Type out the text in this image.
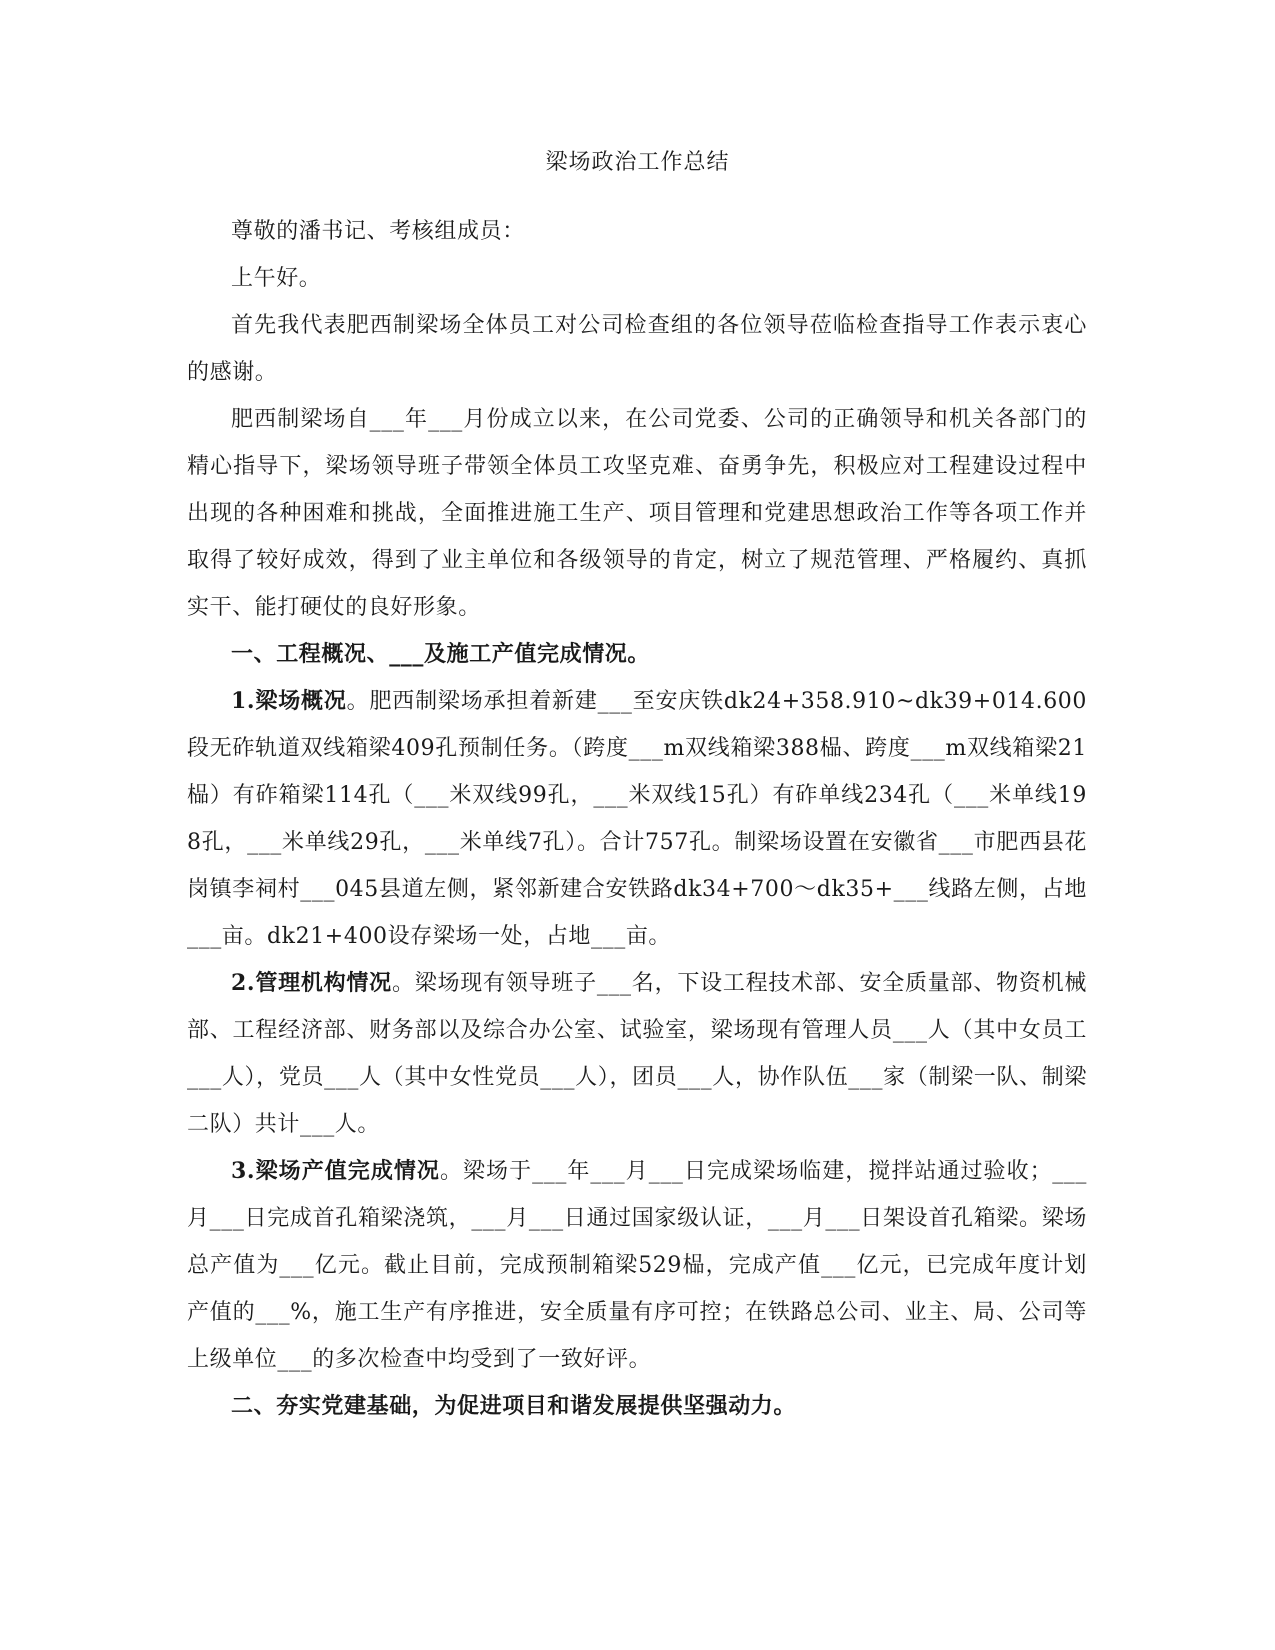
梁场政治工作总结

尊敬的潘书记、考核组成员：

上午好。

首先我代表肥西制梁场全体员工对公司检查组的各位领导莅临检查指导工作表示衷心的感谢。

肥西制梁场自___年___月份成立以来，在公司党委、公司的正确领导和机关各部门的精心指导下，梁场领导班子带领全体员工攻坚克难、奋勇争先，积极应对工程建设过程中出现的各种困难和挑战，全面推进施工生产、项目管理和党建思想政治工作等各项工作并取得了较好成效，得到了业主单位和各级领导的肯定，树立了规范管理、严格履约、真抓实干、能打硬仗的良好形象。

一、工程概况、___及施工产值完成情况。

1.梁场概况。肥西制梁场承担着新建___至安庆铁dk24+358.910~dk39+014.600段无砟轨道双线箱梁409孔预制任务。（跨度___m双线箱梁388榀、跨度___m双线箱梁21榀）有砟箱梁114孔（___米双线99孔，___米双线15孔）有砟单线234孔（___米单线198孔，___米单线29孔，___米单线7孔）。合计757孔。制梁场设置在安徽省___市肥西县花岗镇李祠村___045县道左侧，紧邻新建合安铁路dk34+700～dk35+___线路左侧，占地___亩。dk21+400设存梁场一处，占地___亩。

2.管理机构情况。梁场现有领导班子___名，下设工程技术部、安全质量部、物资机械部、工程经济部、财务部以及综合办公室、试验室，梁场现有管理人员___人（其中女员工___人），党员___人（其中女性党员___人），团员___人，协作队伍___家（制梁一队、制梁二队）共计___人。

3.梁场产值完成情况。梁场于___年___月___日完成梁场临建，搅拌站通过验收；___月___日完成首孔箱梁浇筑，___月___日通过国家级认证，___月___日架设首孔箱梁。梁场总产值为___亿元。截止目前，完成预制箱梁529榀，完成产值___亿元，已完成年度计划产值的___%，施工生产有序推进，安全质量有序可控；在铁路总公司、业主、局、公司等上级单位___的多次检查中均受到了一致好评。

二、夯实党建基础，为促进项目和谐发展提供坚强动力。
